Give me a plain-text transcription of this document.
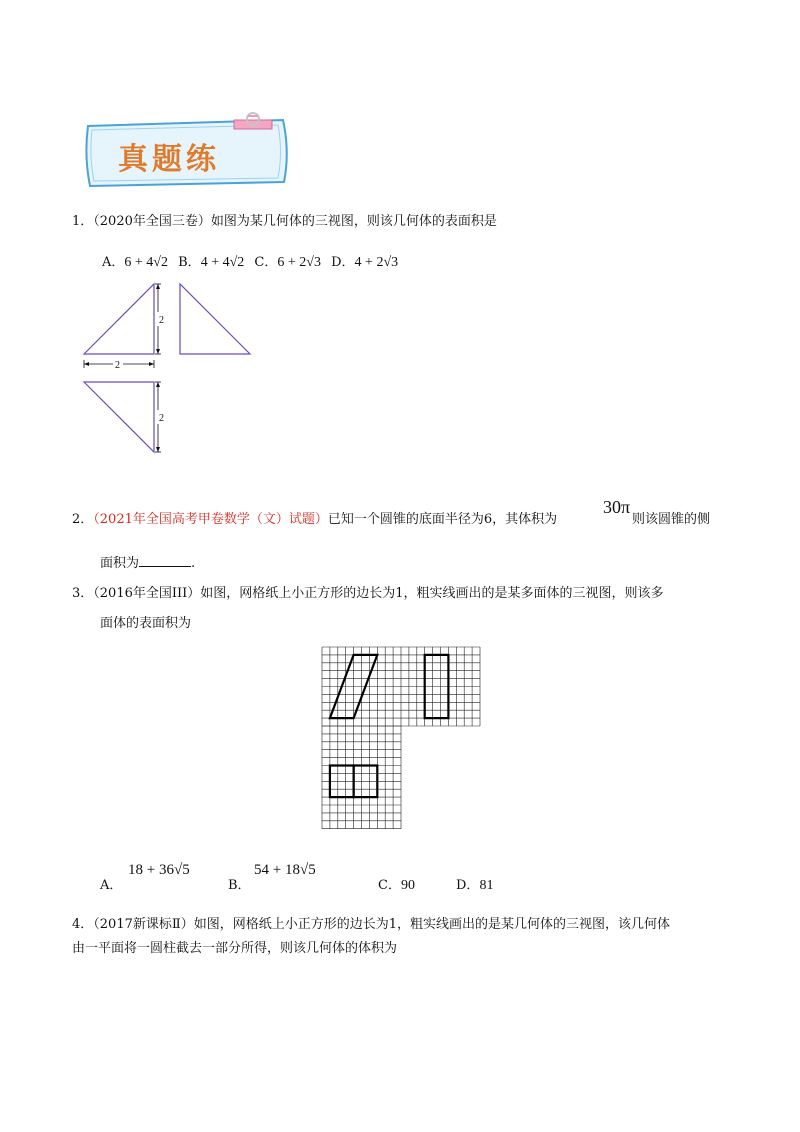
真题练
1．（2020年全国三卷）如图为某几何体的三视图，则该几何体的表面积是
A．6 + 4√2 B．4 + 4√2 C．6 + 2√3 D．4 + 2√3
2
2
2
2．（2021年全国高考甲卷数学（文）试题）已知一个圆锥的底面半径为6，其体积为
30π
则该圆锥的侧
面积为	.
3．（2016年全国III）如图，网格纸上小正方形的边长为1，粗实线画出的是某多面体的三视图，则该多
面体的表面积为
A．
18 + 36√5
B．
54 + 18√5
C．90	D．81
4．（2017新课标Ⅱ）如图，网格纸上小正方形的边长为1，粗实线画出的是某几何体的三视图，该几何体
由一平面将一圆柱截去一部分所得，则该几何体的体积为
